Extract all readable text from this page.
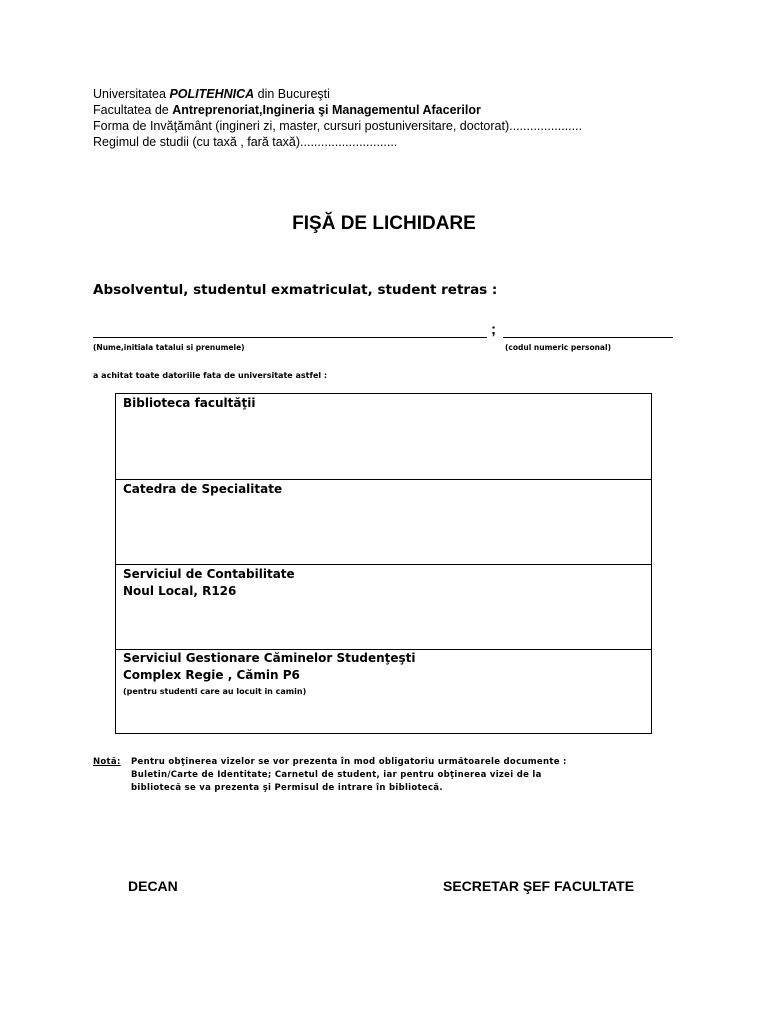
Universitatea POLITEHNICA din Bucureşti
Facultatea de Antreprenoriat,Ingineria şi Managementul Afacerilor
Forma de Invăţământ (ingineri zi, master, cursuri postuniversitare, doctorat).....................
Regimul de studii (cu taxă , fară taxă)............................
FIŞĂ DE LICHIDARE
Absolventul, studentul exmatriculat, student retras :
;
(Nume,initiala tatalui si prenumele)	(codul numeric personal)
a achitat toate datoriile fata de universitate astfel :
Biblioteca facultăţii
Catedra de Specialitate
Serviciul de Contabilitate
Noul Local, R126
Serviciul Gestionare Căminelor Studenţeşti
Complex Regie , Cămin P6
(pentru studenti care au locuit in camin)
Notă: Pentru obţinerea vizelor se vor prezenta în mod obligatoriu următoarele documente :
Buletin/Carte de Identitate; Carnetul de student, iar pentru obţinerea vizei de la
bibliotecă se va prezenta şi Permisul de intrare în bibliotecă.
DECAN	SECRETAR ŞEF FACULTATE
